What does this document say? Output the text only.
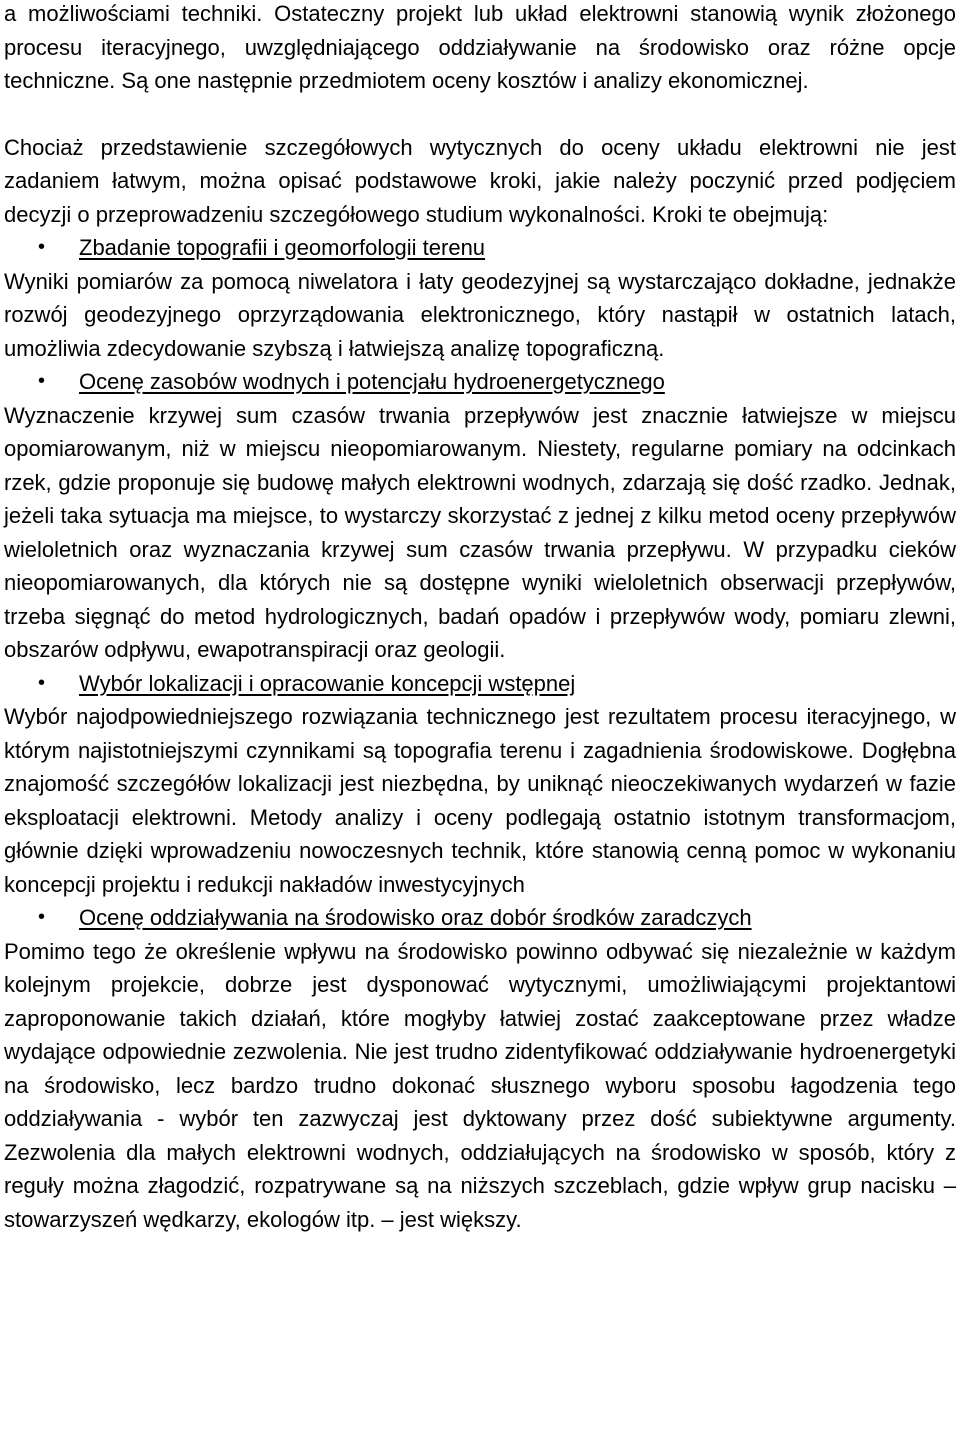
a możliwościami techniki. Ostateczny projekt lub układ elektrowni stanowią wynik złożonego procesu iteracyjnego, uwzględniającego oddziaływanie na środowisko oraz różne opcje techniczne. Są one następnie przedmiotem oceny kosztów i analizy ekonomicznej.

Chociaż przedstawienie szczegółowych wytycznych do oceny układu elektrowni nie jest zadaniem łatwym, można opisać podstawowe kroki, jakie należy poczynić przed podjęciem decyzji o przeprowadzeniu szczegółowego studium wykonalności. Kroki te obejmują:

• Zbadanie topografii i geomorfologii terenu

Wyniki pomiarów za pomocą niwelatora i łaty geodezyjnej są wystarczająco dokładne, jednakże rozwój geodezyjnego oprzyrządowania elektronicznego, który nastąpił w ostatnich latach, umożliwia zdecydowanie szybszą i łatwiejszą analizę topograficzną.

• Ocenę zasobów wodnych i potencjału hydroenergetycznego

Wyznaczenie krzywej sum czasów trwania przepływów jest znacznie łatwiejsze w miejscu opomiarowanym, niż w miejscu nieopomiarowanym. Niestety, regularne pomiary na odcinkach rzek, gdzie proponuje się budowę małych elektrowni wodnych, zdarzają się dość rzadko. Jednak, jeżeli taka sytuacja ma miejsce, to wystarczy skorzystać z jednej z kilku metod oceny przepływów wieloletnich oraz wyznaczania krzywej sum czasów trwania przepływu. W przypadku cieków nieopomiarowanych, dla których nie są dostępne wyniki wieloletnich obserwacji przepływów, trzeba sięgnąć do metod hydrologicznych, badań opadów i przepływów wody, pomiaru zlewni, obszarów odpływu, ewapotranspiracji oraz geologii.

• Wybór lokalizacji i opracowanie koncepcji wstępnej

Wybór najodpowiedniejszego rozwiązania technicznego jest rezultatem procesu iteracyjnego, w którym najistotniejszymi czynnikami są topografia terenu i zagadnienia środowiskowe. Dogłębna znajomość szczegółów lokalizacji jest niezbędna, by uniknąć nieoczekiwanych wydarzeń w fazie eksploatacji elektrowni. Metody analizy i oceny podlegają ostatnio istotnym transformacjom, głównie dzięki wprowadzeniu nowoczesnych technik, które stanowią cenną pomoc w wykonaniu koncepcji projektu i redukcji nakładów inwestycyjnych

• Ocenę oddziaływania na środowisko oraz dobór środków zaradczych

Pomimo tego że określenie wpływu na środowisko powinno odbywać się niezależnie w każdym kolejnym projekcie, dobrze jest dysponować wytycznymi, umożliwiającymi projektantowi zaproponowanie takich działań, które mogłyby łatwiej zostać zaakceptowane przez władze wydające odpowiednie zezwolenia. Nie jest trudno zidentyfikować oddziaływanie hydroenergetyki na środowisko, lecz bardzo trudno dokonać słusznego wyboru sposobu łagodzenia tego oddziaływania - wybór ten zazwyczaj jest dyktowany przez dość subiektywne argumenty. Zezwolenia dla małych elektrowni wodnych, oddziałujących na środowisko w sposób, który z reguły można złagodzić, rozpatrywane są na niższych szczeblach, gdzie wpływ grup nacisku – stowarzyszeń wędkarzy, ekologów itp. – jest większy.
